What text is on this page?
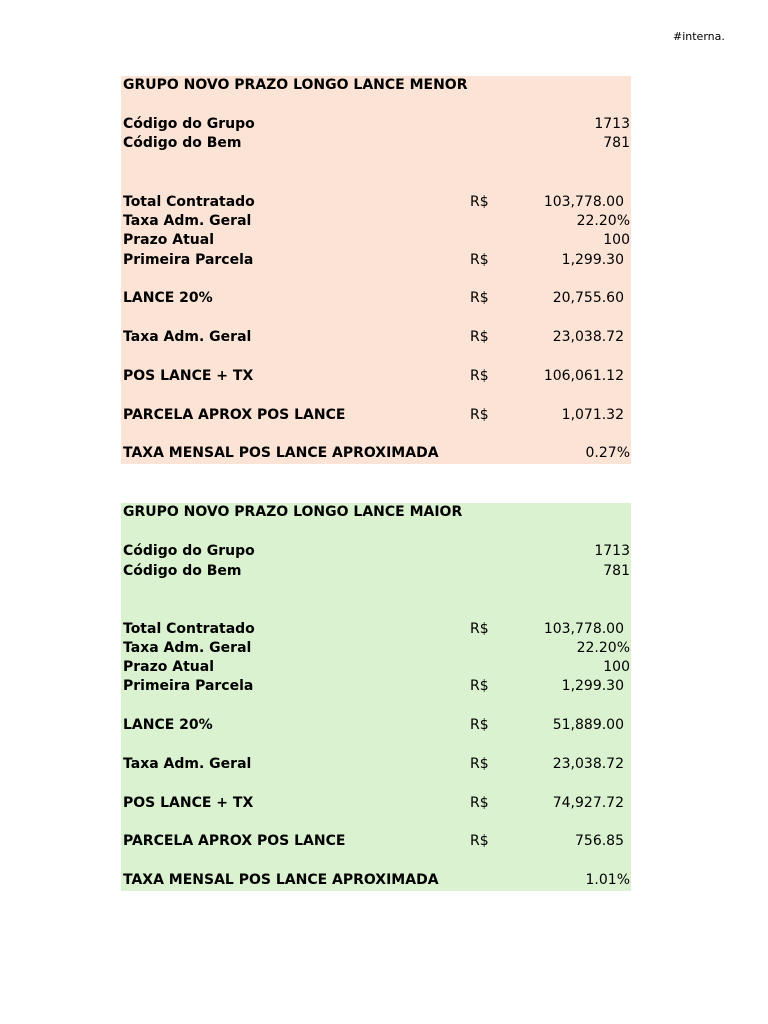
#interna.
GRUPO NOVO PRAZO LONGO LANCE MENOR
Código do Grupo	1713
Código do Bem	781
Total Contratado	R$	103,778.00
Taxa Adm. Geral	22.20%
Prazo Atual	100
Primeira Parcela	R$	1,299.30
LANCE 20%	R$	20,755.60
Taxa Adm. Geral	R$	23,038.72
POS LANCE + TX	R$	106,061.12
PARCELA APROX POS LANCE	R$	1,071.32
TAXA MENSAL POS LANCE APROXIMADA	0.27%
GRUPO NOVO PRAZO LONGO LANCE MAIOR
Código do Grupo	1713
Código do Bem	781
Total Contratado	R$	103,778.00
Taxa Adm. Geral	22.20%
Prazo Atual	100
Primeira Parcela	R$	1,299.30
LANCE 20%	R$	51,889.00
Taxa Adm. Geral	R$	23,038.72
POS LANCE + TX	R$	74,927.72
PARCELA APROX POS LANCE	R$	756.85
TAXA MENSAL POS LANCE APROXIMADA	1.01%
